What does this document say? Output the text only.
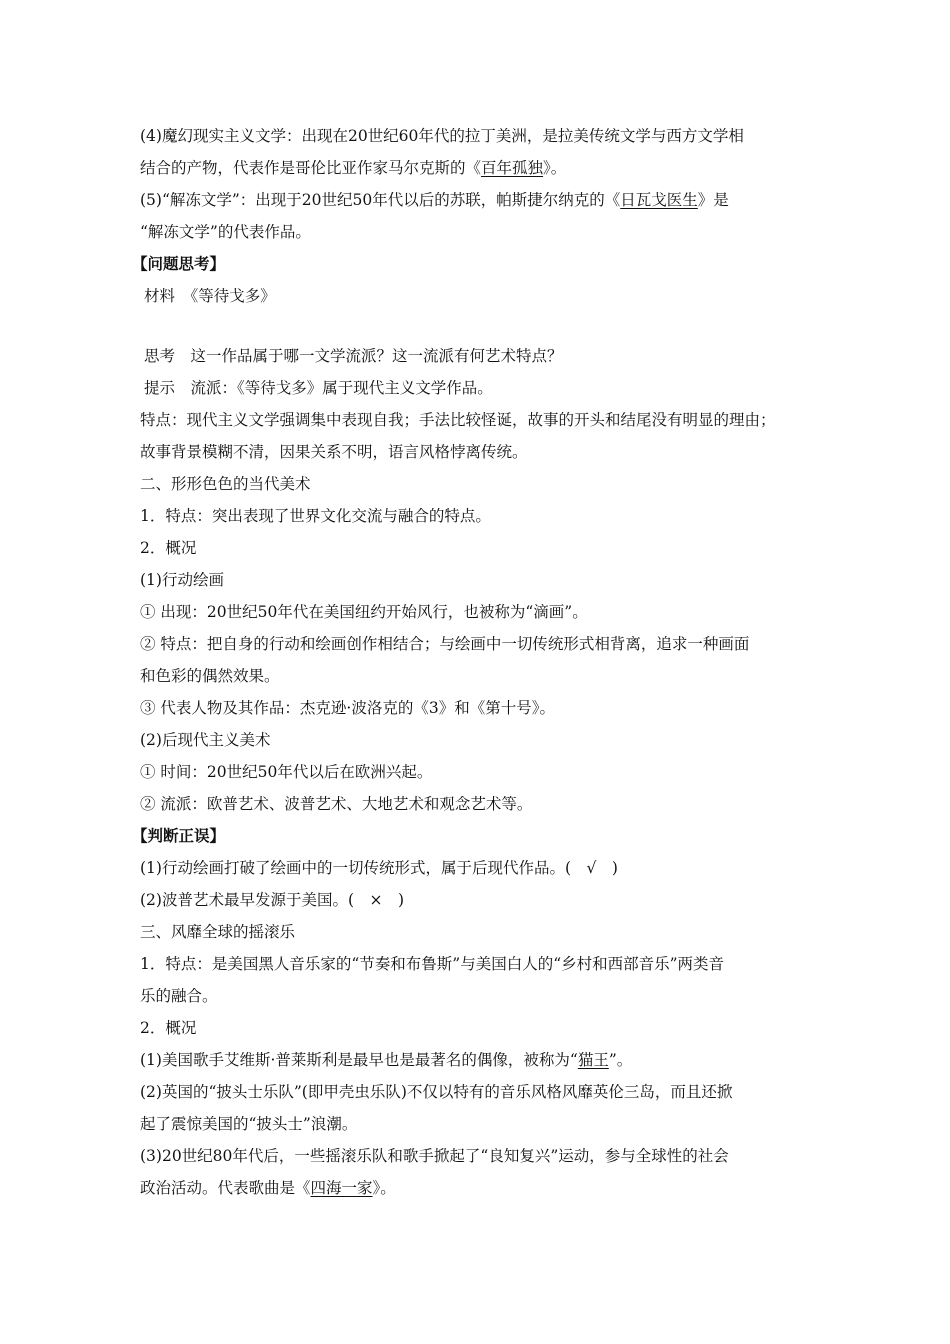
(4)魔幻现实主义文学：出现在20世纪60年代的拉丁美洲，是拉美传统文学与西方文学相
结合的产物，代表作是哥伦比亚作家马尔克斯的《百年孤独》。
(5)“解冻文学”：出现于20世纪50年代以后的苏联，帕斯捷尔纳克的《日瓦戈医生》是
“解冻文学”的代表作品。
【问题思考】
材料　《等待戈多》
思考　这一作品属于哪一文学流派？这一流派有何艺术特点？
提示　流派：《等待戈多》属于现代主义文学作品。
特点：现代主义文学强调集中表现自我；手法比较怪诞，故事的开头和结尾没有明显的理由；
故事背景模糊不清，因果关系不明，语言风格悖离传统。
二、形形色色的当代美术
1．特点：突出表现了世界文化交流与融合的特点。
2．概况
(1)行动绘画
① 出现：20世纪50年代在美国纽约开始风行，也被称为“滴画”。
② 特点：把自身的行动和绘画创作相结合；与绘画中一切传统形式相背离，追求一种画面
和色彩的偶然效果。
③ 代表人物及其作品：杰克逊·波洛克的《3》和《第十号》。
(2)后现代主义美术
① 时间：20世纪50年代以后在欧洲兴起。
② 流派：欧普艺术、波普艺术、大地艺术和观念艺术等。
【判断正误】
(1)行动绘画打破了绘画中的一切传统形式，属于后现代作品。(　√　)
(2)波普艺术最早发源于美国。(　×　)
三、风靡全球的摇滚乐
1．特点：是美国黑人音乐家的“节奏和布鲁斯”与美国白人的“乡村和西部音乐”两类音
乐的融合。
2．概况
(1)美国歌手艾维斯·普莱斯利是最早也是最著名的偶像，被称为“猫王”。
(2)英国的“披头士乐队”(即甲壳虫乐队)不仅以特有的音乐风格风靡英伦三岛，而且还掀
起了震惊美国的“披头士”浪潮。
(3)20世纪80年代后，一些摇滚乐队和歌手掀起了“良知复兴”运动，参与全球性的社会
政治活动。代表歌曲是《四海一家》。
